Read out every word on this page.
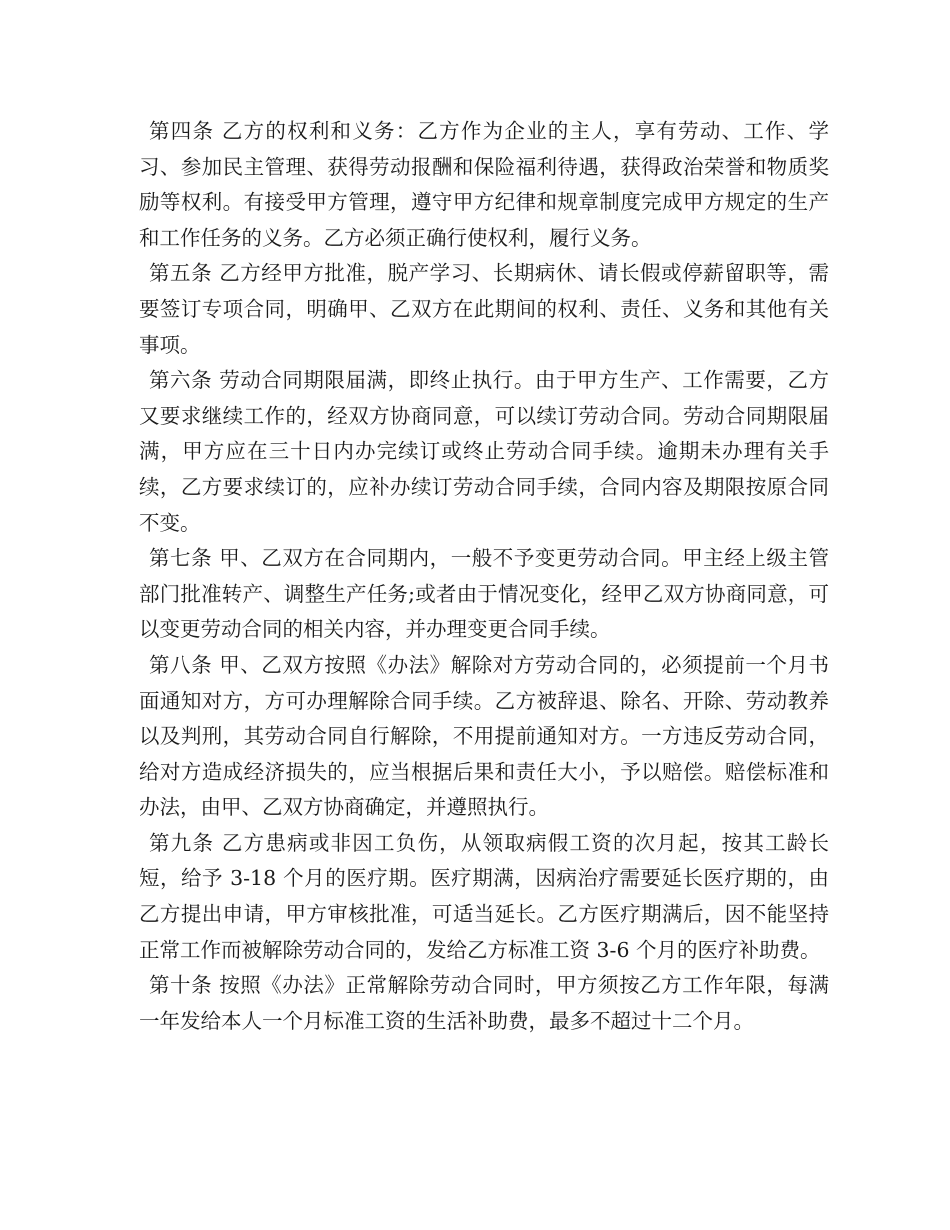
第四条 乙方的权利和义务：乙方作为企业的主人，享有劳动、工作、学习、参加民主管理、获得劳动报酬和保险福利待遇，获得政治荣誉和物质奖励等权利。有接受甲方管理，遵守甲方纪律和规章制度完成甲方规定的生产和工作任务的义务。乙方必须正确行使权利，履行义务。

第五条 乙方经甲方批准，脱产学习、长期病休、请长假或停薪留职等，需要签订专项合同，明确甲、乙双方在此期间的权利、责任、义务和其他有关事项。

第六条 劳动合同期限届满，即终止执行。由于甲方生产、工作需要，乙方又要求继续工作的，经双方协商同意，可以续订劳动合同。劳动合同期限届满，甲方应在三十日内办完续订或终止劳动合同手续。逾期未办理有关手续，乙方要求续订的，应补办续订劳动合同手续，合同内容及期限按原合同不变。

第七条 甲、乙双方在合同期内，一般不予变更劳动合同。甲主经上级主管部门批准转产、调整生产任务;或者由于情况变化，经甲乙双方协商同意，可以变更劳动合同的相关内容，并办理变更合同手续。

第八条 甲、乙双方按照《办法》解除对方劳动合同的，必须提前一个月书面通知对方，方可办理解除合同手续。乙方被辞退、除名、开除、劳动教养以及判刑，其劳动合同自行解除，不用提前通知对方。一方违反劳动合同，给对方造成经济损失的，应当根据后果和责任大小，予以赔偿。赔偿标准和办法，由甲、乙双方协商确定，并遵照执行。

第九条 乙方患病或非因工负伤，从领取病假工资的次月起，按其工龄长短，给予 3-18 个月的医疗期。医疗期满，因病治疗需要延长医疗期的，由乙方提出申请，甲方审核批准，可适当延长。乙方医疗期满后，因不能坚持正常工作而被解除劳动合同的，发给乙方标准工资 3-6 个月的医疗补助费。

第十条 按照《办法》正常解除劳动合同时，甲方须按乙方工作年限，每满一年发给本人一个月标准工资的生活补助费，最多不超过十二个月。
